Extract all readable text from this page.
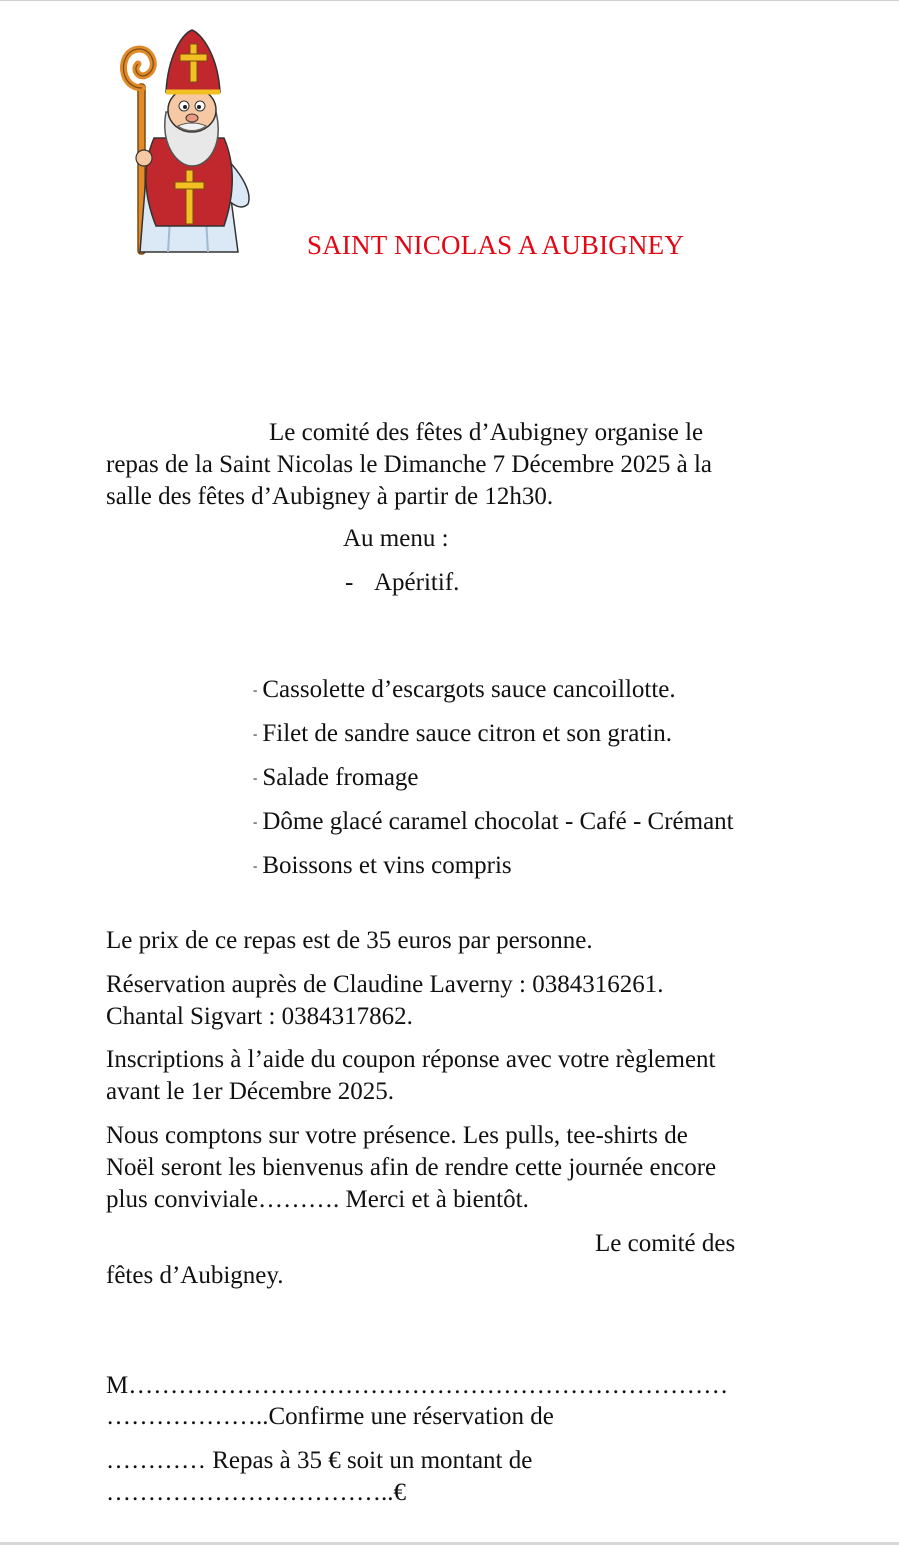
SAINT NICOLAS A AUBIGNEY
Le comité des fêtes d’Aubigney organise le
repas de la Saint Nicolas le Dimanche 7 Décembre 2025 à la
salle des fêtes d’Aubigney à partir de 12h30.
Au menu :
- Apéritif.
- Cassolette d’escargots sauce cancoillotte.
- Filet de sandre sauce citron et son gratin.
- Salade fromage
- Dôme glacé caramel chocolat - Café - Crémant
- Boissons et vins compris
Le prix de ce repas est de 35 euros par personne.
Réservation auprès de Claudine Laverny : 0384316261.
Chantal Sigvart : 0384317862.
Inscriptions à l’aide du coupon réponse avec votre règlement
avant le 1er Décembre 2025.
Nous comptons sur votre présence. Les pulls, tee-shirts de
Noël seront les bienvenus afin de rendre cette journée encore
plus conviviale………. Merci et à bientôt.
Le comité des
fêtes d’Aubigney.
M………………………………………………………………
………………..Confirme une réservation de
………… Repas à 35 € soit un montant de
……………………………..€
